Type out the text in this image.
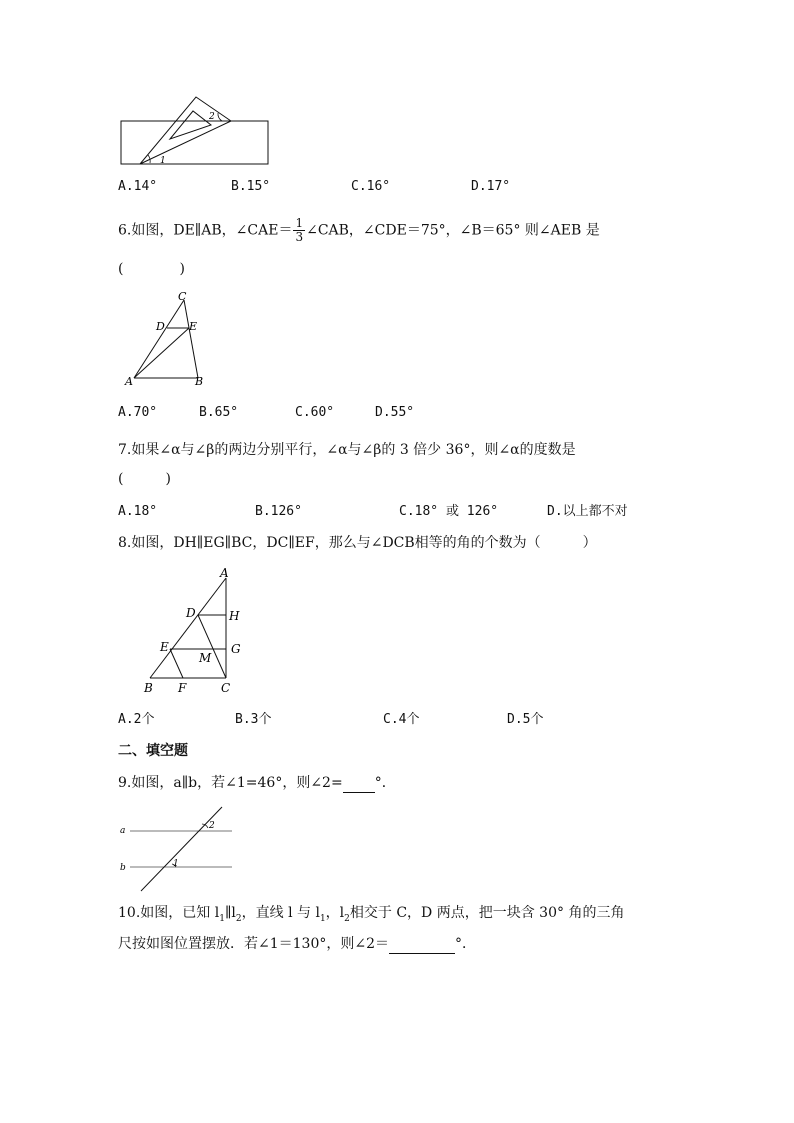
1
2
A.14°	B.15°	C.16°	D.17°
6.如图，DE∥AB，∠CAE＝ $\frac{1}{3}$ ∠CAB，∠CDE＝75°，∠B＝65° 则∠AEB 是
(　　　　)
C
D E
A	B
A.70°	B.65°	C.60°	D.55°
7.如果∠α与∠β的两边分别平行，∠α与∠β的 3 倍少 36°，则∠α的度数是
(　　　)
A.18°	B.126°	C.18° 或 126°	D.以上都不对
8.如图，DH∥EG∥BC，DC∥EF，那么与∠DCB相等的角的个数为（　　　）
A
D	H
E
M
G
B F	C
A.2个	B.3个	C.4个	D.5个
二、填空题
9.如图，a∥b，若∠1=46°，则∠2= °．
a
b
2
1
10.如图，已知 $l_1\parallel l_2$，直线 l 与 $l_1$，$l_2$相交于 C，D 两点，把一块含 30° 角的三角
尺按如图位置摆放．若∠1＝130°，则∠2＝	°．
